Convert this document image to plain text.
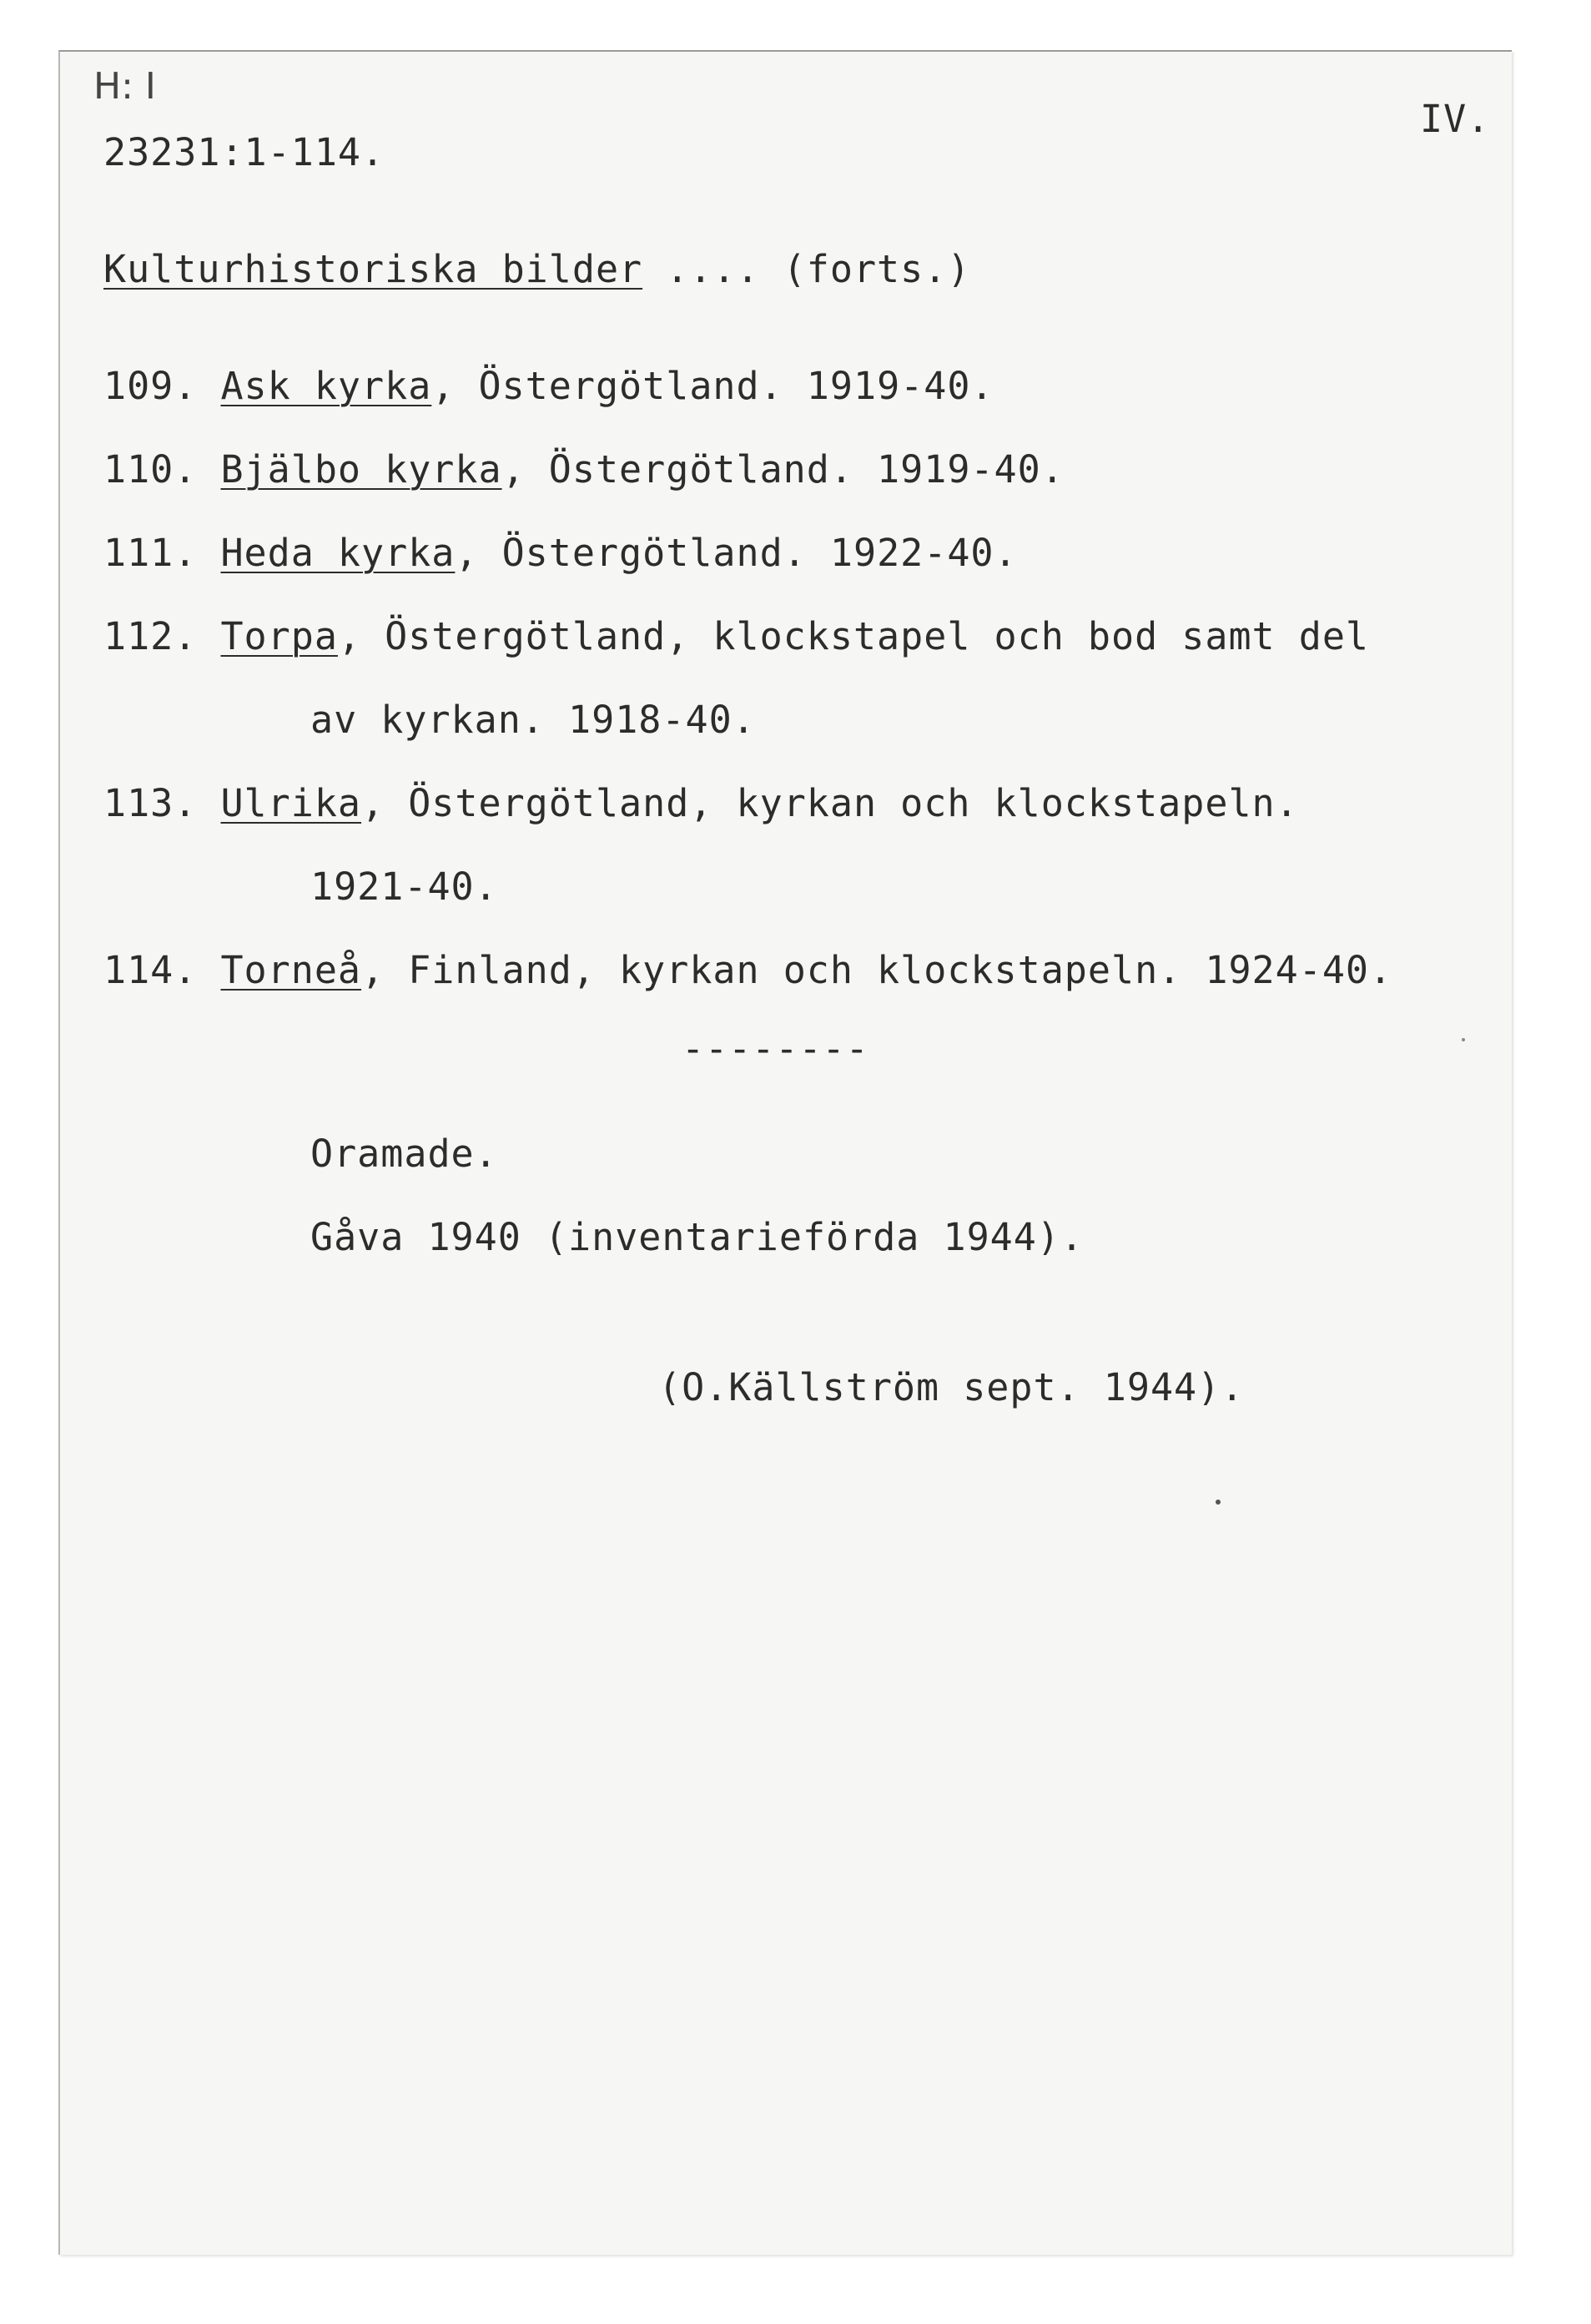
H: I
23231:1-114.
IV.
Kulturhistoriska bilder .... (forts.)
109. Ask kyrka, Östergötland. 1919-40.
110. Bjälbo kyrka, Östergötland. 1919-40.
111. Heda kyrka, Östergötland. 1922-40.
112. Torpa, Östergötland, klockstapel och bod samt del
av kyrkan. 1918-40.
113. Ulrika, Östergötland, kyrkan och klockstapeln.
1921-40.
114. Torneå, Finland, kyrkan och klockstapeln. 1924-40.
--------
Oramade.
Gåva 1940 (inventarieförda 1944).
(O.Källström sept. 1944).
